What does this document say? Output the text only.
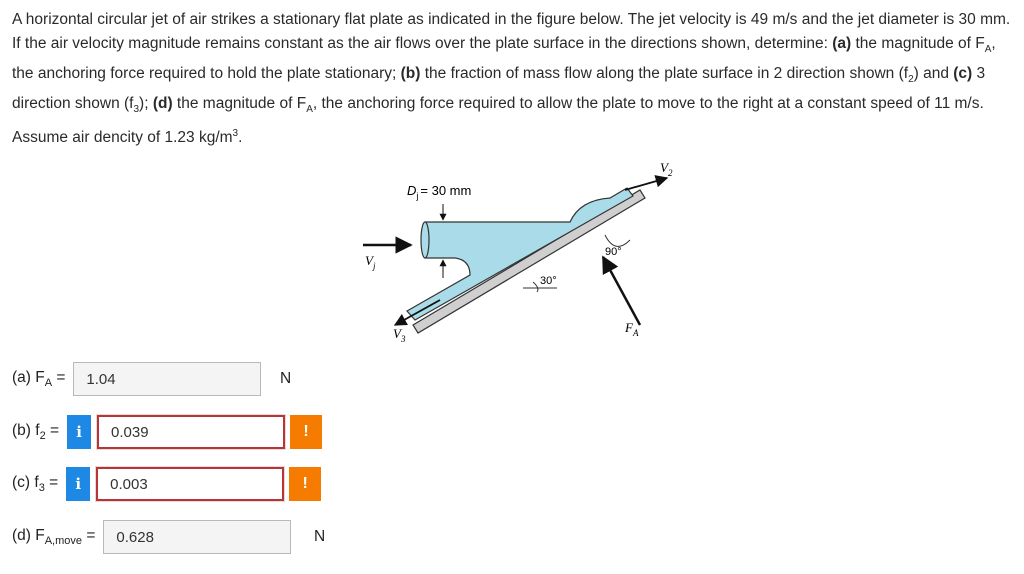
A horizontal circular jet of air strikes a stationary flat plate as indicated in the figure below. The jet velocity is 49 m/s and the jet diameter is 30 mm. If the air velocity magnitude remains constant as the air flows over the plate surface in the directions shown, determine: (a) the magnitude of $F_A$, the anchoring force required to hold the plate stationary; (b) the fraction of mass flow along the plate surface in 2 direction shown $(f_2)$ and (c) 3 direction shown $(f_3)$; (d) the magnitude of $F_A$, the anchoring force required to allow the plate to move to the right at a constant speed of 11 m/s. Assume air dencity of 1.23 $kg/m^3$.
$V_j$
$D_j = 30$ mm
$V_2$
$V_3$
$F_A$
30°
90°
(a) $F_A$ =	1.04	N
(b) $f_2$ =	i	0.039	!
(c) $f_3$ =	i	0.003	!
(d) $F_{A,move}$ =	0.628	N
